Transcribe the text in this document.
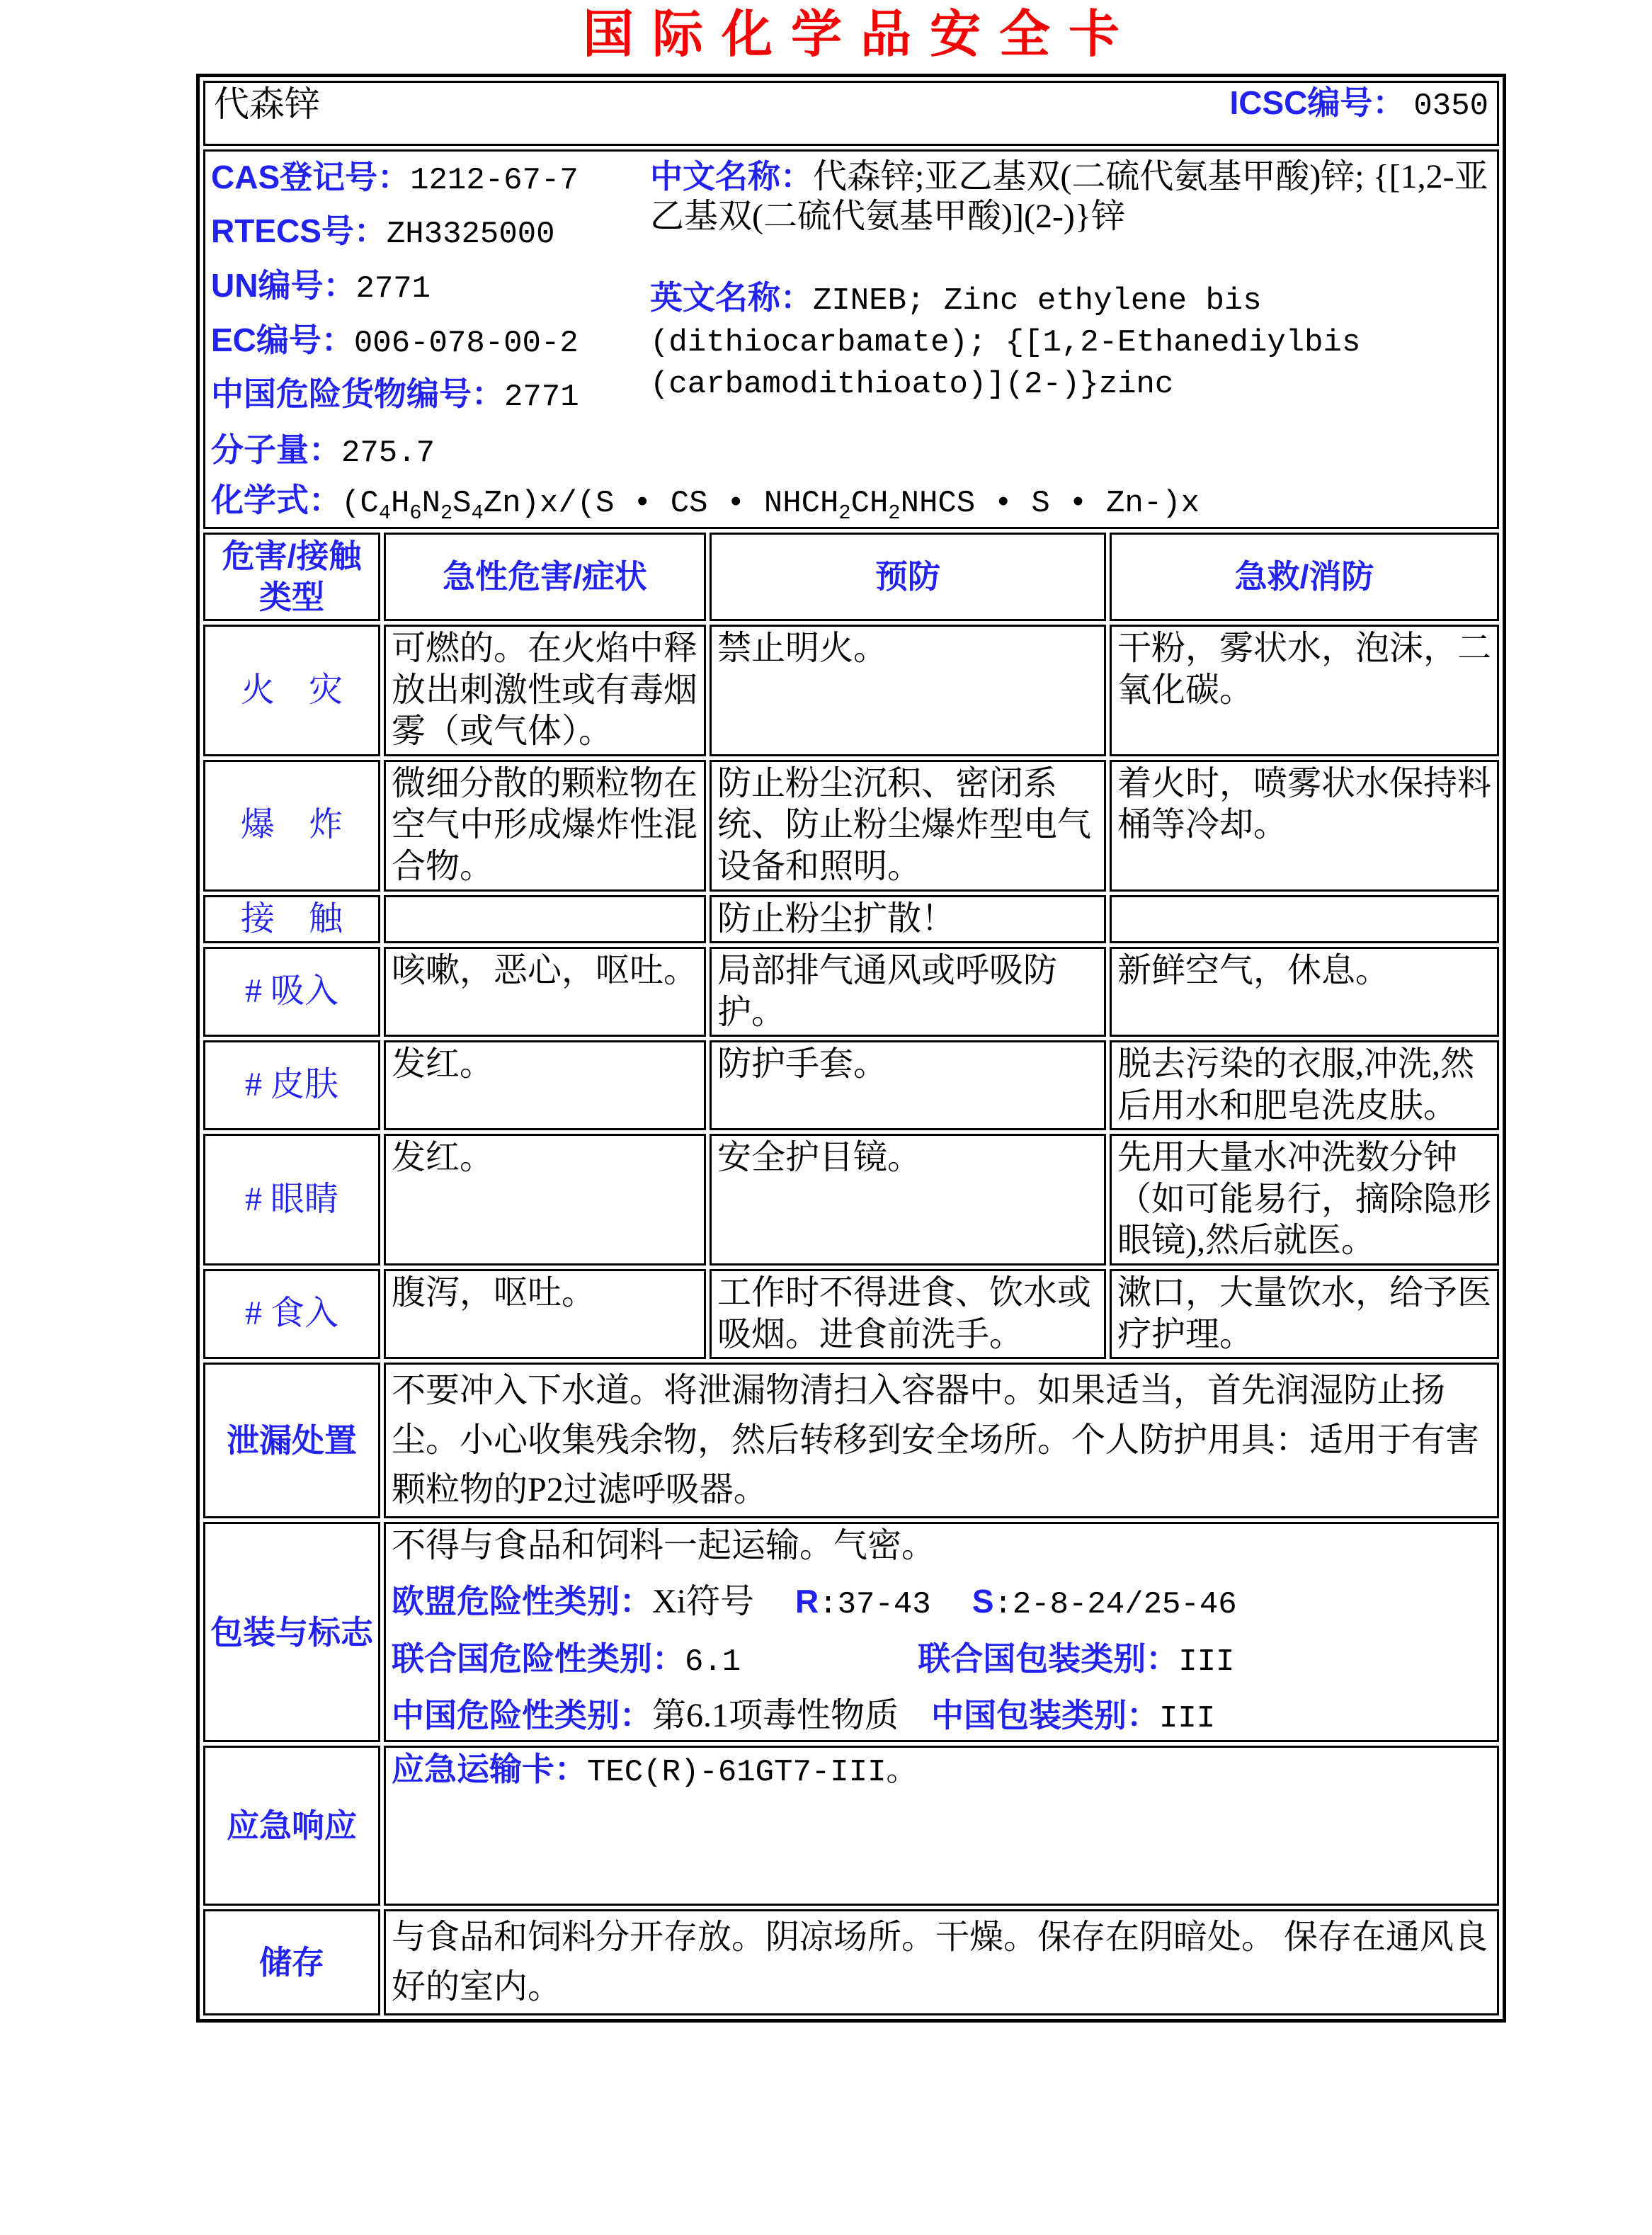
国际化学品安全卡
代森锌 ICSC编号： 0350			

CAS登记号：1212-67-7
RTECS号：ZH3325000
UN编号：2771
EC编号：006-078-00-2
中国危险货物编号：2771

中文名称：代森锌;亚乙基双(二硫代氨基甲酸)锌; {[1,2-亚乙基双(二硫代氨基甲酸)](2-)}锌

英文名称：ZINEB; Zinc ethylene bis (dithiocarbamate); {[1,2-Ethanediylbis (carbamodithioato)](2-)}zinc

分子量：275.7
化学式：$(C_4H_6N_2S_4Zn)x/(S$ • CS • $NHCH_2CH_2NHCS$ • S • Zn-)x

危害/接触类型	急性危害/症状	预防	急救/消防
火　灾	可燃的。在火焰中释放出刺激性或有毒烟雾（或气体）。	禁止明火。	干粉，雾状水，泡沫，二氧化碳。
爆　炸	微细分散的颗粒物在空气中形成爆炸性混合物。	防止粉尘沉积、密闭系统、防止粉尘爆炸型电气设备和照明。	着火时，喷雾状水保持料桶等冷却。
接　触		防止粉尘扩散！	
# 吸入	咳嗽，恶心，呕吐。	局部排气通风或呼吸防护。	新鲜空气，休息。
# 皮肤	发红。	防护手套。	脱去污染的衣服,冲洗,然后用水和肥皂洗皮肤。
# 眼睛	发红。	安全护目镜。	先用大量水冲洗数分钟（如可能易行，摘除隐形眼镜),然后就医。
# 食入	腹泻，呕吐。	工作时不得进食、饮水或吸烟。进食前洗手。	漱口，大量饮水，给予医疗护理。
泄漏处置	不要冲入下水道。将泄漏物清扫入容器中。如果适当，首先润湿防止扬尘。小心收集残余物，然后转移到安全场所。个人防护用具：适用于有害颗粒物的P2过滤呼吸器。		
包装与标志	不得与食品和饲料一起运输。气密。
欧盟危险性类别：Xi符号 R:37-43 S:2-8-24/25-46
联合国危险性类别：6.1 联合国包装类别：III
中国危险性类别：第6.1项毒性物质 中国包装类别：III		

应急响应	应急运输卡：TEC(R)-61GT7-III。		
储存	与食品和饲料分开存放。阴凉场所。干燥。保存在阴暗处。 保存在通风良好的室内。		
